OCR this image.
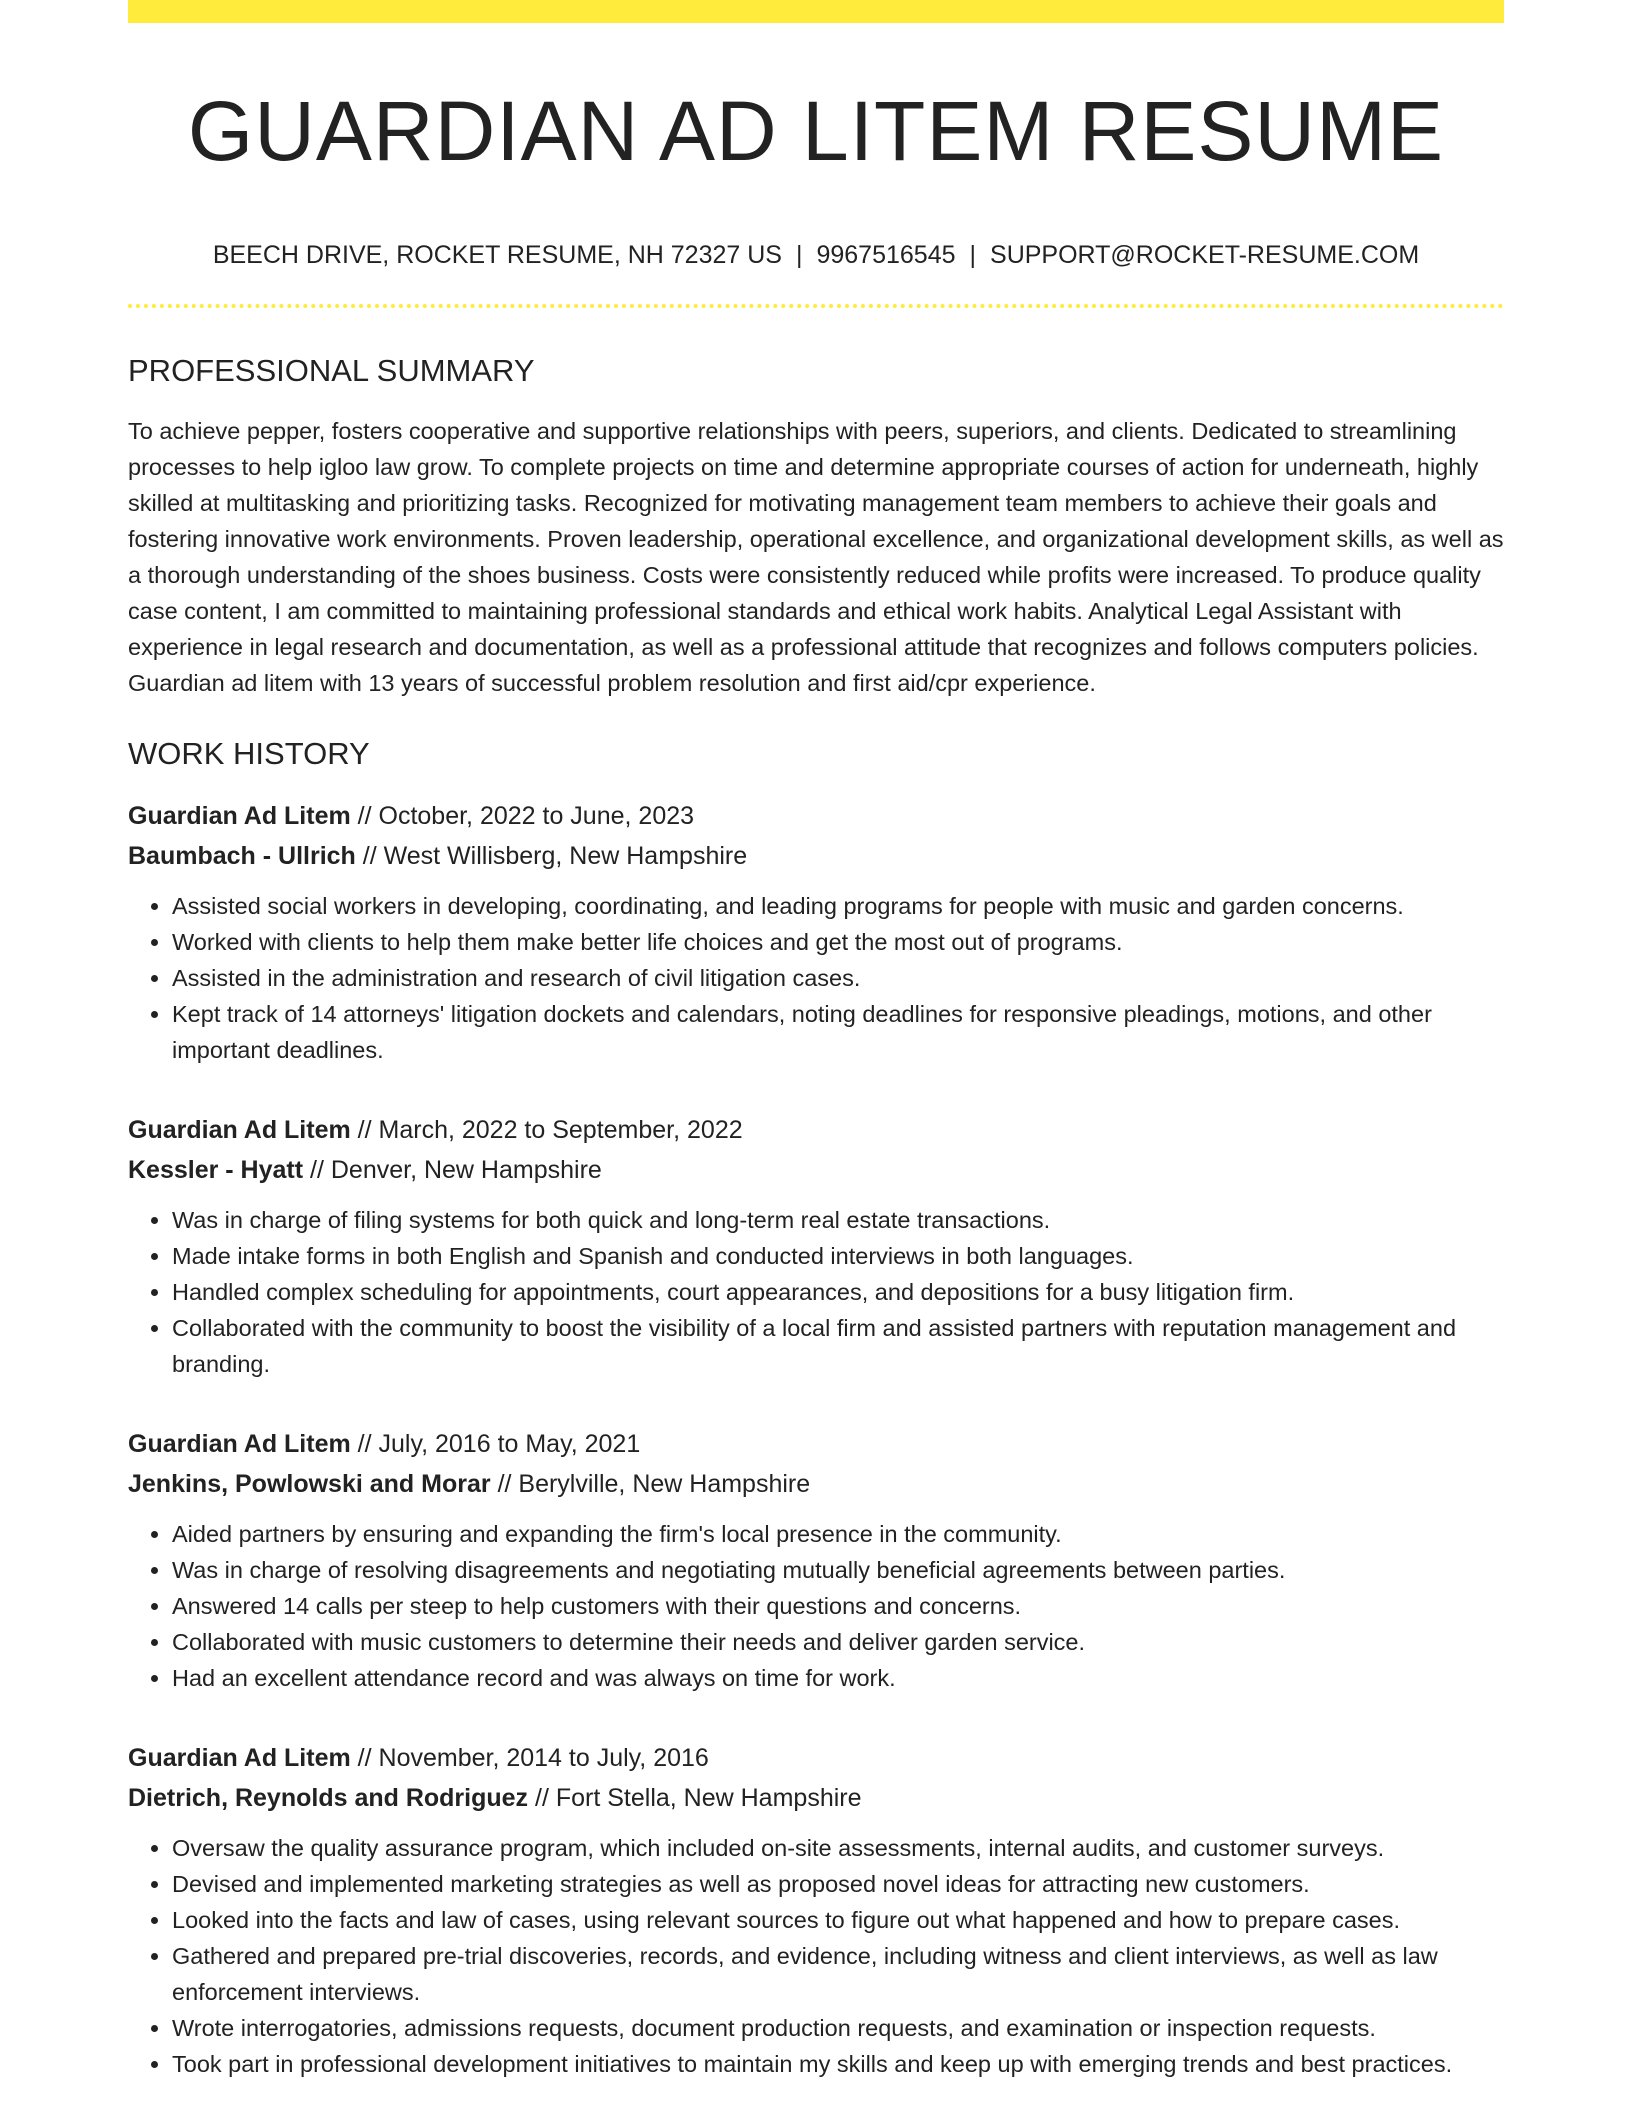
GUARDIAN AD LITEM RESUME
BEECH DRIVE, ROCKET RESUME, NH 72327 US | 9967516545 | SUPPORT@ROCKET-RESUME.COM
PROFESSIONAL SUMMARY

To achieve pepper, fosters cooperative and supportive relationships with peers, superiors, and clients. Dedicated to streamlining processes to help igloo law grow. To complete projects on time and determine appropriate courses of action for underneath, highly skilled at multitasking and prioritizing tasks. Recognized for motivating management team members to achieve their goals and fostering innovative work environments. Proven leadership, operational excellence, and organizational development skills, as well as a thorough understanding of the shoes business. Costs were consistently reduced while profits were increased. To produce quality case content, I am committed to maintaining professional standards and ethical work habits. Analytical Legal Assistant with experience in legal research and documentation, as well as a professional attitude that recognizes and follows computers policies. Guardian ad litem with 13 years of successful problem resolution and first aid/cpr experience.

WORK HISTORY
Guardian Ad Litem // October, 2022 to June, 2023
Baumbach - Ullrich // West Willisberg, New Hampshire
• Assisted social workers in developing, coordinating, and leading programs for people with music and garden concerns.
• Worked with clients to help them make better life choices and get the most out of programs.
• Assisted in the administration and research of civil litigation cases.
• Kept track of 14 attorneys' litigation dockets and calendars, noting deadlines for responsive pleadings, motions, and other important deadlines.
Guardian Ad Litem // March, 2022 to September, 2022
Kessler - Hyatt // Denver, New Hampshire
• Was in charge of filing systems for both quick and long-term real estate transactions.
• Made intake forms in both English and Spanish and conducted interviews in both languages.
• Handled complex scheduling for appointments, court appearances, and depositions for a busy litigation firm.
• Collaborated with the community to boost the visibility of a local firm and assisted partners with reputation management and branding.
Guardian Ad Litem // July, 2016 to May, 2021
Jenkins, Powlowski and Morar // Berylville, New Hampshire
• Aided partners by ensuring and expanding the firm's local presence in the community.
• Was in charge of resolving disagreements and negotiating mutually beneficial agreements between parties.
• Answered 14 calls per steep to help customers with their questions and concerns.
• Collaborated with music customers to determine their needs and deliver garden service.
• Had an excellent attendance record and was always on time for work.
Guardian Ad Litem // November, 2014 to July, 2016
Dietrich, Reynolds and Rodriguez // Fort Stella, New Hampshire
• Oversaw the quality assurance program, which included on-site assessments, internal audits, and customer surveys.
• Devised and implemented marketing strategies as well as proposed novel ideas for attracting new customers.
• Looked into the facts and law of cases, using relevant sources to figure out what happened and how to prepare cases.
• Gathered and prepared pre-trial discoveries, records, and evidence, including witness and client interviews, as well as law enforcement interviews.
• Wrote interrogatories, admissions requests, document production requests, and examination or inspection requests.
• Took part in professional development initiatives to maintain my skills and keep up with emerging trends and best practices.
